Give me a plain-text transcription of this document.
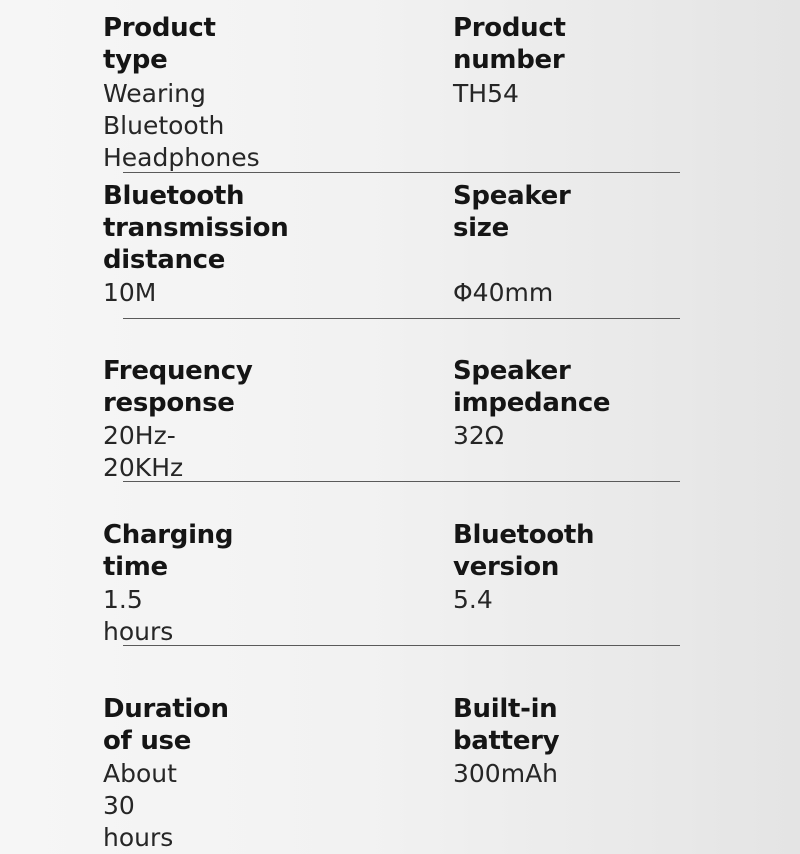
Product type
Wearing Bluetooth
Headphones
Product number
TH54
Bluetooth
transmission distance
10M
Speaker size
Φ40mm
Frequency response
20Hz-20KHz
Speaker impedance
32Ω
Charging time
1.5 hours
Bluetooth version
5.4
Duration of use
About 30 hours
Built-in battery
300mAh
